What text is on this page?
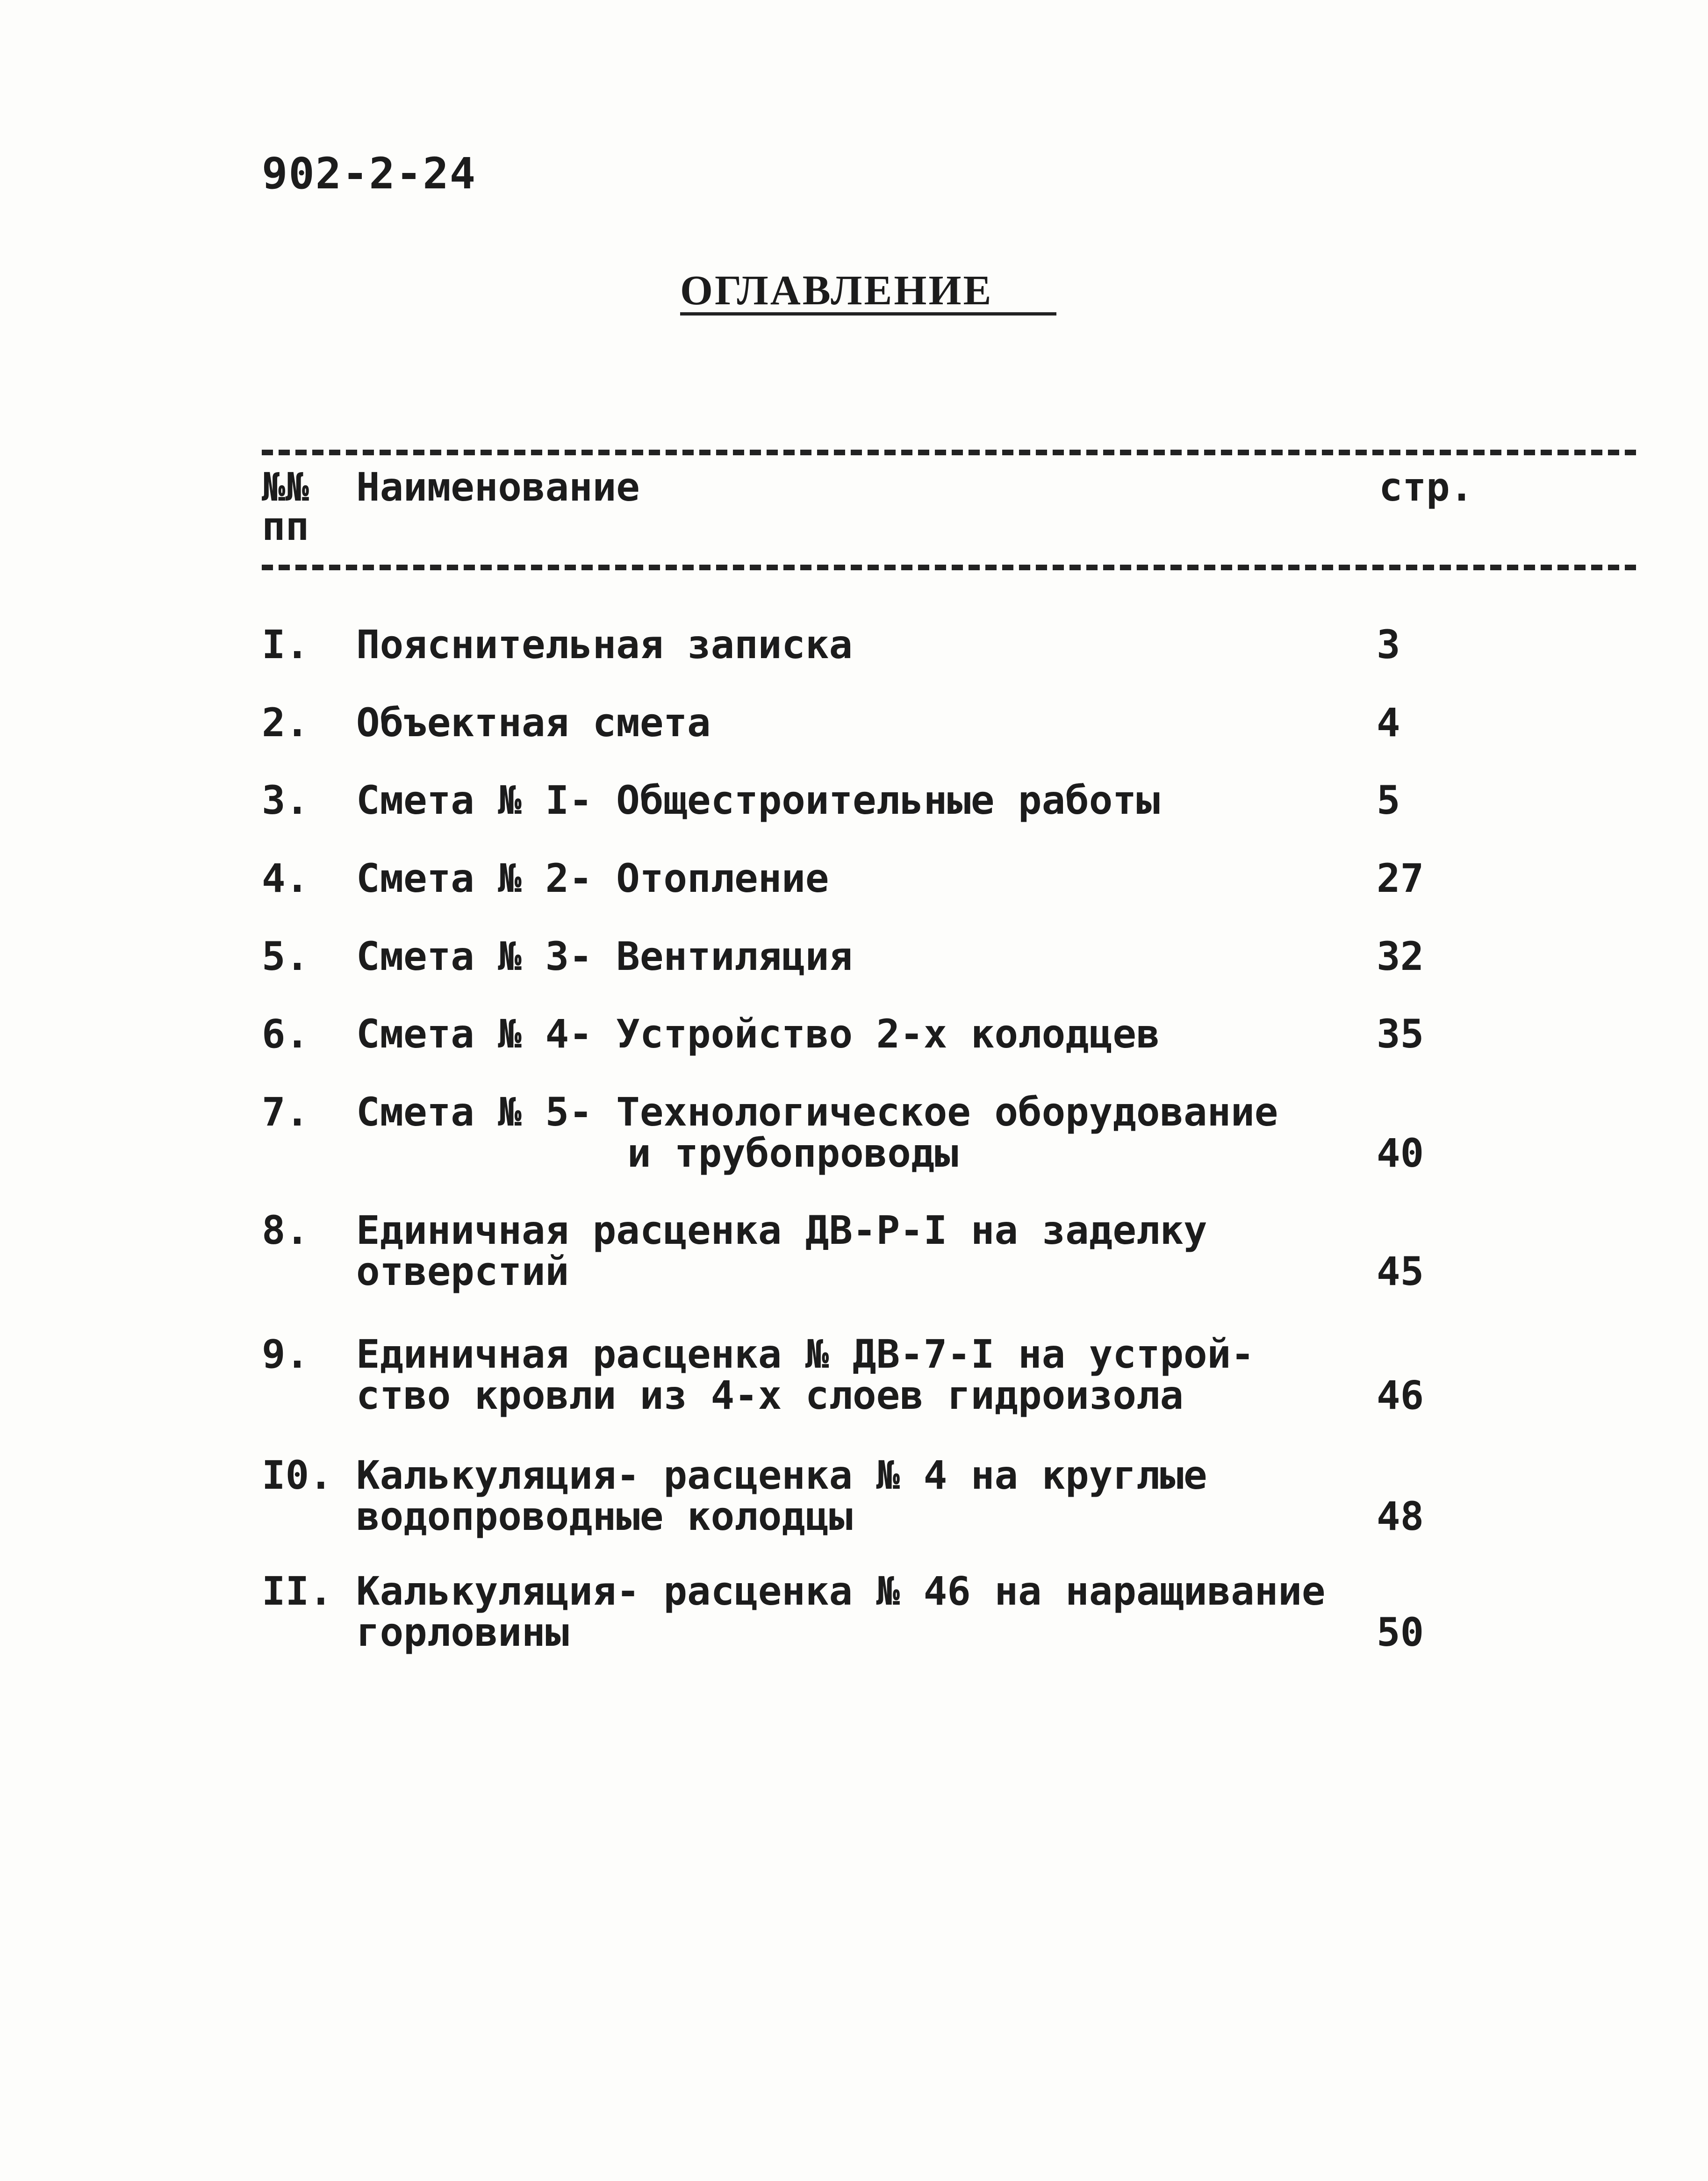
902-2-24
ОГЛАВЛЕНИЕ
№№ пп
Наименование	стр.
I. Пояснительная записка	3
2. Объектная смета	4
3. Смета № I- Общестроительные работы	5
4. Смета № 2- Отопление	27
5. Смета № 3- Вентиляция	32
6. Смета № 4- Устройство 2-х колодцев	35
7. Смета № 5- Технологическое оборудование
и трубопроводы	40
8. Единичная расценка ДВ-Р-I на заделку
отверстий	45
9. Единичная расценка № ДВ-7-I на устрой-
ство кровли из 4-х слоев гидроизола	46
I0. Калькуляция- расценка № 4 на круглые
водопроводные колодцы	48
II. Калькуляция- расценка № 46 на наращивание
горловины	50
